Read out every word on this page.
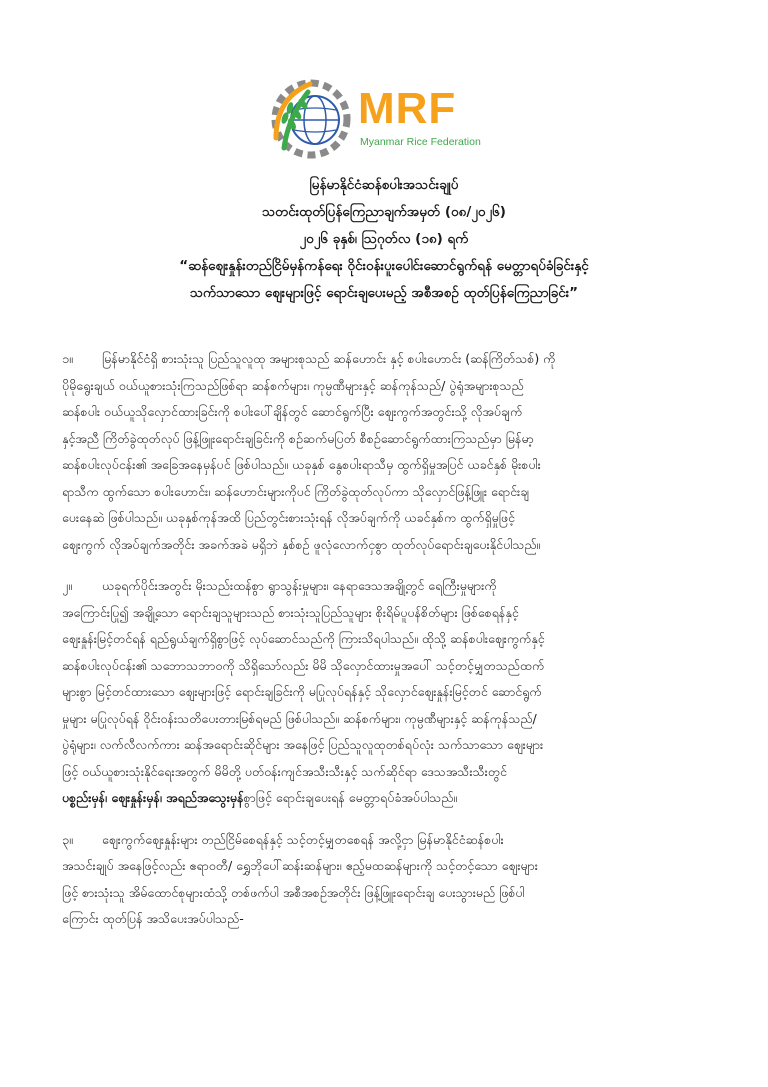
MRF
Myanmar Rice Federation
မြန်မာနိုင်ငံဆန်စပါးအသင်းချုပ်
သတင်းထုတ်ပြန်ကြေညာချက်အမှတ် (၀၈/၂၀၂၆)
၂၀၂၆ ခုနှစ်၊ ဩဂုတ်လ (၁၈) ရက်
“ဆန်ဈေးနှုန်းတည်ငြိမ်မှန်ကန်ရေး ဝိုင်းဝန်းပူးပေါင်းဆောင်ရွက်ရန် မေတ္တာရပ်ခံခြင်းနှင့်
သက်သာသော ဈေးများဖြင့် ရောင်းချပေးမည့် အစီအစဉ် ထုတ်ပြန်ကြေညာခြင်း”
၁။	မြန်မာနိုင်ငံရှိ စားသုံးသူ ပြည်သူလူထု အများစုသည် ဆန်ဟောင်း နှင့် စပါးဟောင်း (ဆန်ကြိတ်သစ်) ကို
ပိုမိုရွေးချယ် ဝယ်ယူစားသုံးကြသည်ဖြစ်ရာ ဆန်စက်များ၊ ကုမ္ပဏီများနှင့် ဆန်ကုန်သည်/ ပွဲရုံအများစုသည်
ဆန်စပါး ဝယ်ယူသိုလှောင်ထားခြင်းကို စပါးပေါ်ချိန်တွင် ဆောင်ရွက်ပြီး ဈေးကွက်အတွင်းသို့ လိုအပ်ချက်
နှင့်အညီ ကြိတ်ခွဲထုတ်လုပ် ဖြန့်ဖြူးရောင်းချခြင်းကို စဉ်ဆက်မပြတ် စီစဉ်ဆောင်ရွက်ထားကြသည်မှာ မြန်မာ့
ဆန်စပါးလုပ်ငန်း၏ အခြေအနေမှန်ပင် ဖြစ်ပါသည်။ ယခုနှစ် နွေစပါးရာသီမှ ထွက်ရှိမှုအပြင် ယခင်နှစ် မိုးစပါး
ရာသီက ထွက်သော စပါးဟောင်း၊ ဆန်ဟောင်းများကိုပင် ကြိတ်ခွဲထုတ်လုပ်ကာ သိုလှောင်ဖြန့်ဖြူး ရောင်းချ
ပေးနေဆဲ ဖြစ်ပါသည်။ ယခုနှစ်ကုန်အထိ ပြည်တွင်းစားသုံးရန် လိုအပ်ချက်ကို ယခင်နှစ်က ထွက်ရှိမှုဖြင့်
ဈေးကွက် လိုအပ်ချက်အတိုင်း အခက်အခဲ မရှိဘဲ နှစ်စဉ် ဖူလုံလောက်ငှစွာ ထုတ်လုပ်ရောင်းချပေးနိုင်ပါသည်။
၂။	ယခုရက်ပိုင်းအတွင်း မိုးသည်းထန်စွာ ရွာသွန်းမှုများ၊ နေရာဒေသအချို့တွင် ရေကြီးမှုများကို
အကြောင်းပြု၍ အချို့သော ရောင်းချသူများသည် စားသုံးသူပြည်သူများ စိုးရိမ်ပူပန်စိတ်များ ဖြစ်စေရန်နှင့်
ဈေးနှုန်းမြင့်တင်ရန် ရည်ရွယ်ချက်ရှိစွာဖြင့် လုပ်ဆောင်သည်ကို ကြားသိရပါသည်။ ထိုသို့ ဆန်စပါးဈေးကွက်နှင့်
ဆန်စပါးလုပ်ငန်း၏ သဘောသဘာဝကို သိရှိသော်လည်း မိမိ သိုလှောင်ထားမှုအပေါ် သင့်တင့်မျှတသည်ထက်
များစွာ မြင့်တင်ထားသော ဈေးများဖြင့် ရောင်းချခြင်းကို မပြုလုပ်ရန်နှင့် သိုလှောင်ဈေးနှုန်းမြင့်တင် ဆောင်ရွက်
မှုများ မပြုလုပ်ရန် ဝိုင်းဝန်းသတိပေးတားမြစ်ရမည် ဖြစ်ပါသည်။ ဆန်စက်များ၊ ကုမ္ပဏီများနှင့် ဆန်ကုန်သည်/
ပွဲရုံများ၊ လက်လီလက်ကား ဆန်အရောင်းဆိုင်များ အနေဖြင့် ပြည်သူလူထုတစ်ရပ်လုံး သက်သာသော ဈေးများ
ဖြင့် ဝယ်ယူစားသုံးနိုင်ရေးအတွက် မိမိတို့ ပတ်ဝန်းကျင်အသီးသီးနှင့် သက်ဆိုင်ရာ ဒေသအသီးသီးတွင်
ပစ္စည်းမှန်၊ ဈေးနှုန်းမှန်၊ အရည်အသွေးမှန်စွာဖြင့် ရောင်းချပေးရန် မေတ္တာရပ်ခံအပ်ပါသည်။
၃။	ဈေးကွက်ဈေးနှုန်းများ တည်ငြိမ်စေရန်နှင့် သင့်တင့်မျှတစေရန် အလို့ငှာ မြန်မာနိုင်ငံဆန်စပါး
အသင်းချုပ် အနေဖြင့်လည်း ဧရာဝတီ/ ရွှေဘိုပေါ်ဆန်းဆန်များ၊ ဧည့်မထဆန်များကို သင့်တင့်သော ဈေးများ
ဖြင့် စားသုံးသူ အိမ်ထောင်စုများထံသို့ တစ်ဖက်ပါ အစီအစဉ်အတိုင်း ဖြန့်ဖြူးရောင်းချ ပေးသွားမည် ဖြစ်ပါ
ကြောင်း ထုတ်ပြန် အသိပေးအပ်ပါသည်-
